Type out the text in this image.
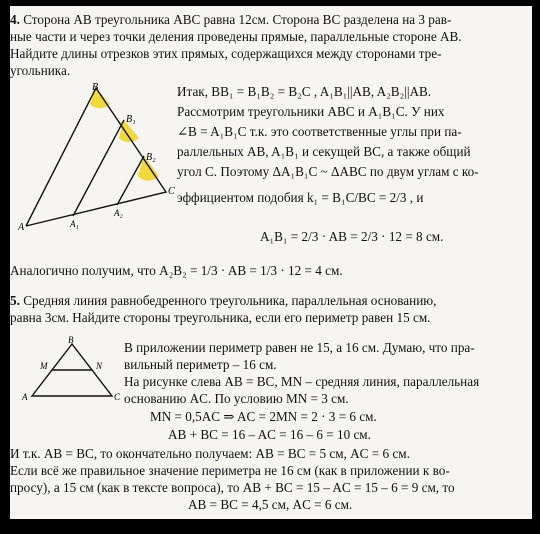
4. Сторона АВ треугольника АВС равна 12см. Сторона ВС разделена на 3 рав-
ные части и через точки деления проведены прямые, параллельные стороне АВ.
Найдите длины отрезков этих прямых, содержащихся между сторонами тре-
угольника.
B
B₁
B₂
C
A	A₁
A₂
Итак, BB₁ = B₁B₂ = B₂C , A₁B₁||AB, A₂B₂||AB.
Рассмотрим треугольники ABC и A₁B₁C. У них
∠B = A₁B₁C т.к. это соответственные углы при па-
раллельных AB, A₁B₁ и секущей BC, а также общий
угол C. Поэтому ΔA₁B₁C ~ ΔABC по двум углам с ко-
эффициентом подобия k₁ = B₁C/BC = 2/3 , и
A₁B₁ = 2/3 · AB = 2/3 · 12 = 8 см.
Аналогично получим, что A₂B₂ = 1/3 · AB = 1/3 · 12 = 4 см.
5. Средняя линия равнобедренного треугольника, параллельная основанию,
равна 3см. Найдите стороны треугольника, если его периметр равен 15 см.
B
M	N
A	C
В приложении периметр равен не 15, а 16 см. Думаю, что пра-
вильный периметр – 16 см.
На рисунке слева AB = BC, MN – средняя линия, параллельная
основанию AC. По условию MN = 3 см.
MN = 0,5AC ⇒ AC = 2MN = 2 · 3 = 6 см.
AB + BC = 16 – AC = 16 – 6 = 10 см.
И т.к. AB = BC, то окончательно получаем: AB = BC = 5 см, AC = 6 см.
Если всё же правильное значение периметра не 16 см (как в приложении к во-
просу), а 15 см (как в тексте вопроса), то AB + BC = 15 – AC = 15 – 6 = 9 см, то
AB = BC = 4,5 см, AC = 6 см.
